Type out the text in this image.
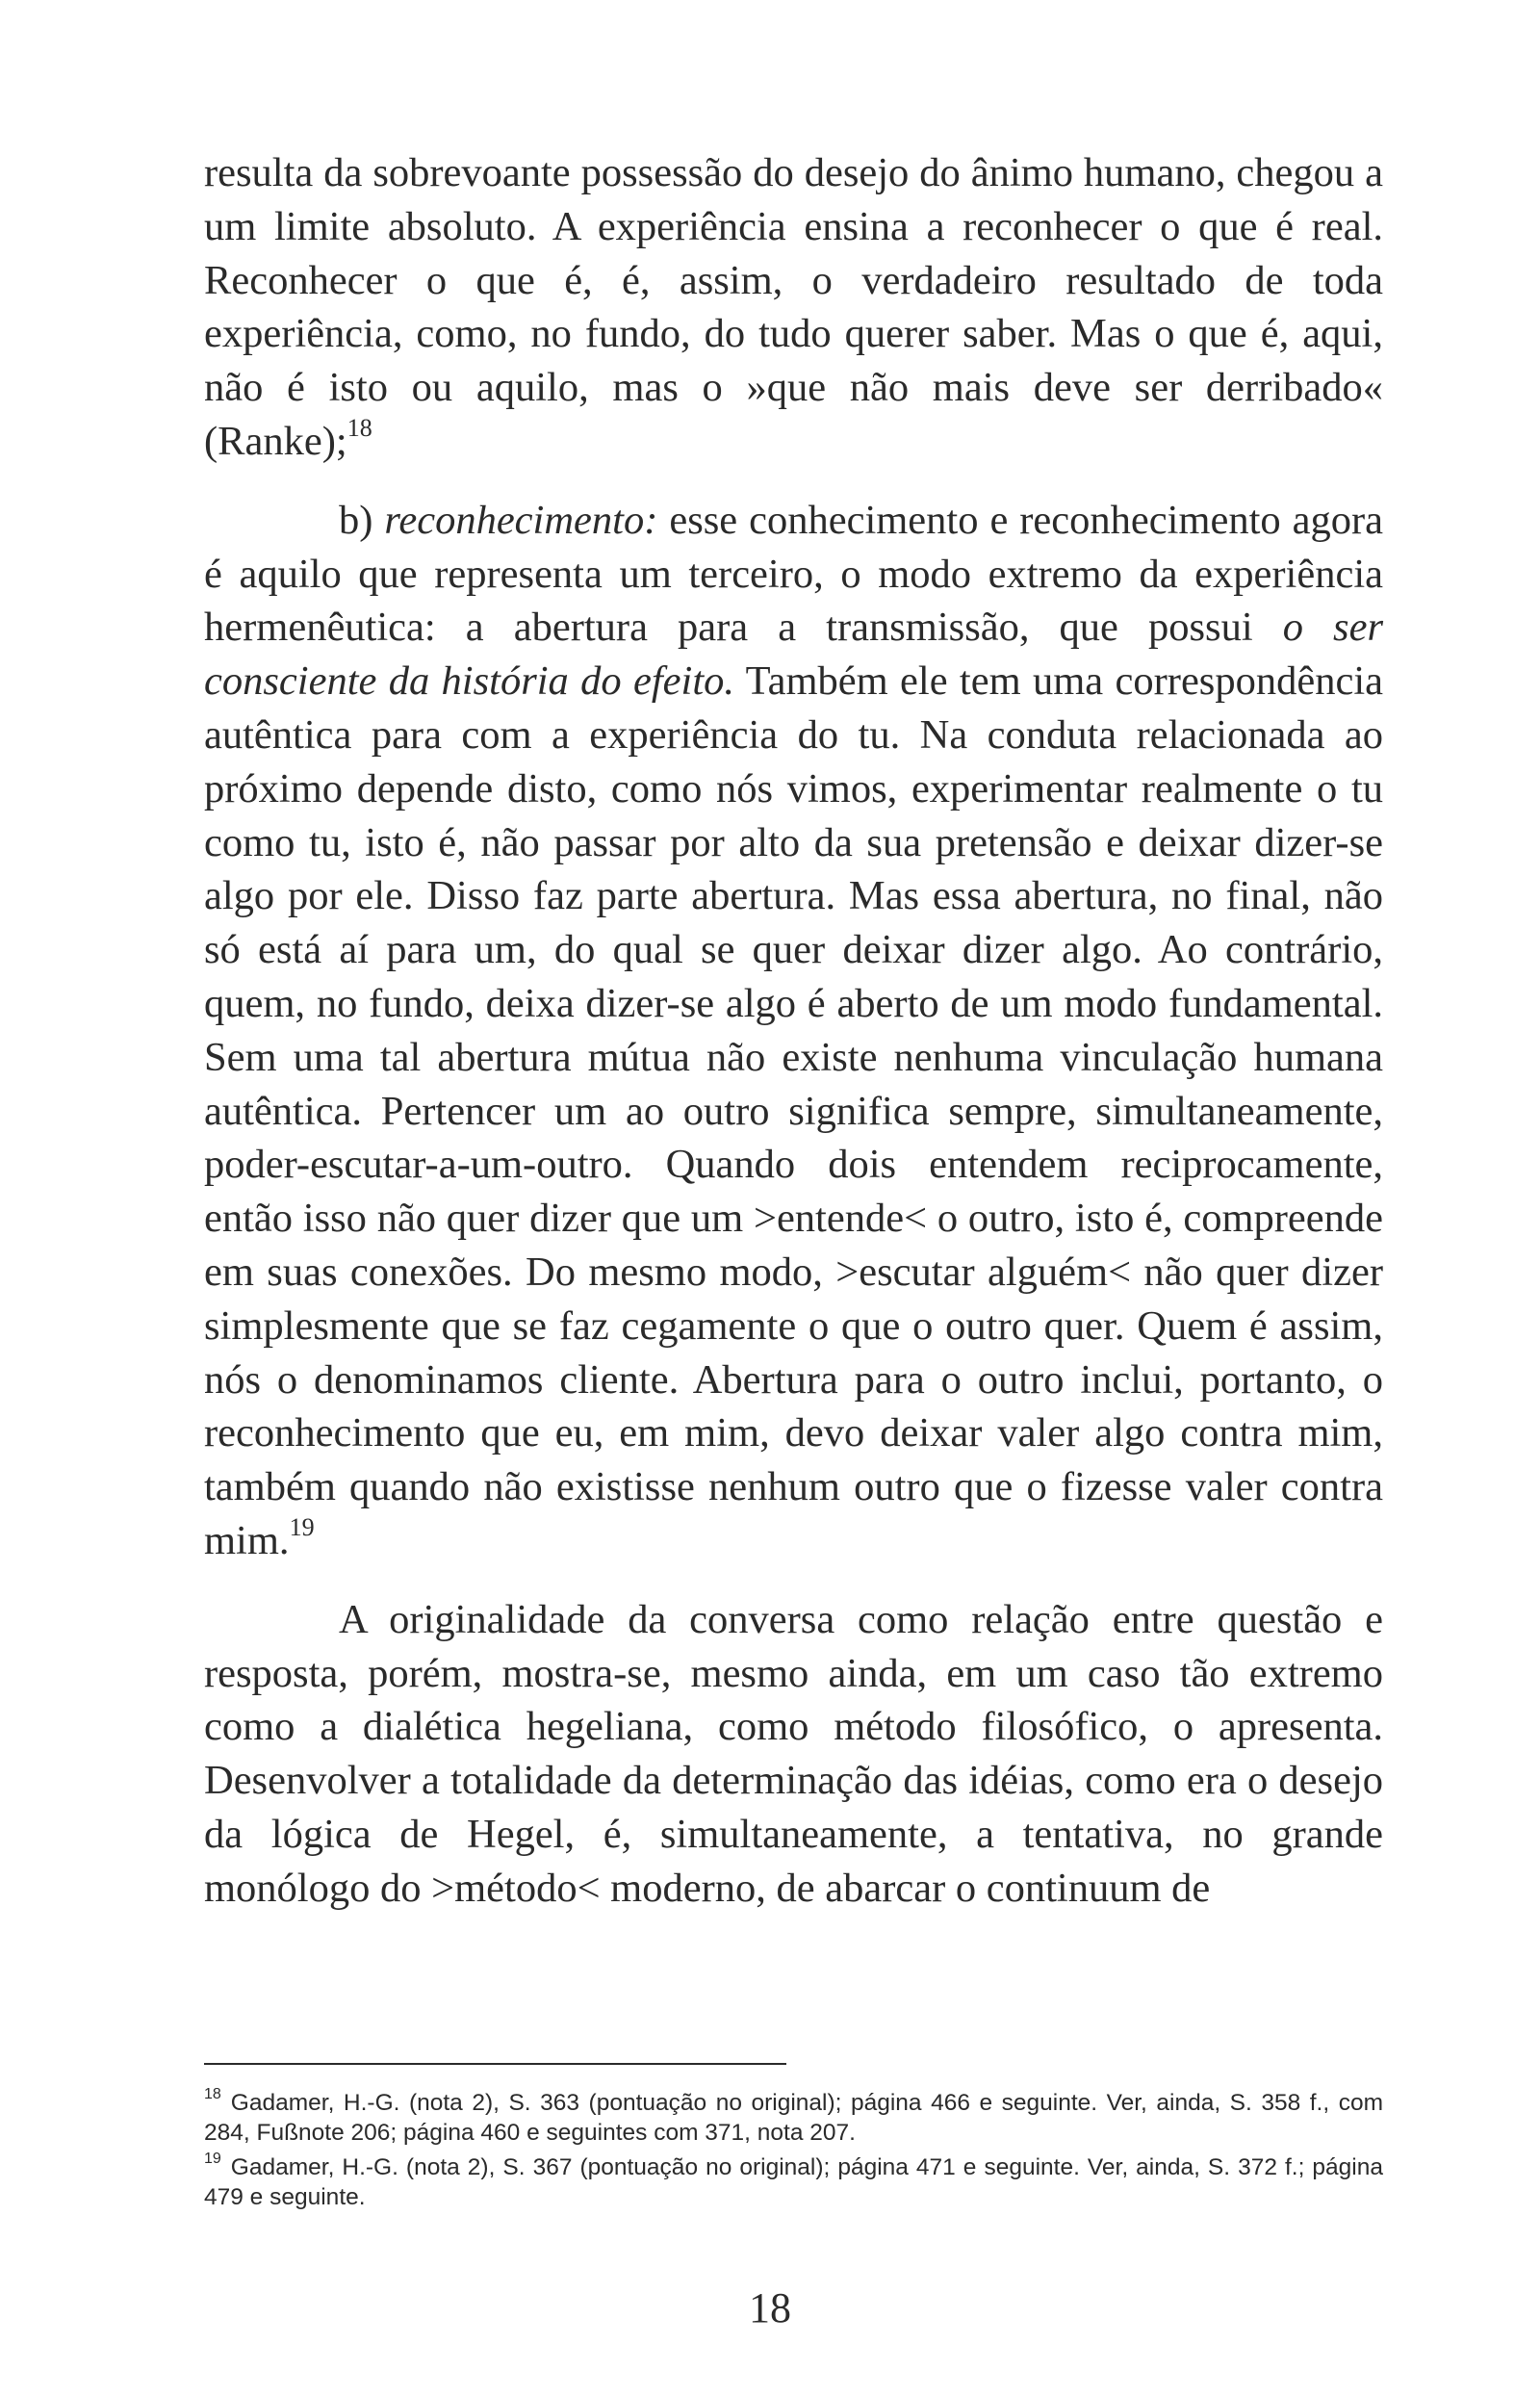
resulta da sobrevoante possessão do desejo do ânimo humano, chegou a um limite absoluto. A experiência ensina a reconhecer o que é real. Reconhecer o que é, é, assim, o verdadeiro resultado de toda experiência, como, no fundo, do tudo querer saber. Mas o que é, aqui, não é isto ou aquilo, mas o »que não mais deve ser derribado« (Ranke);$^{18}$

b) reconhecimento: esse conhecimento e reconhecimento agora é aquilo que representa um terceiro, o modo extremo da experiência hermenêutica: a abertura para a transmissão, que possui o ser consciente da história do efeito. Também ele tem uma correspondência autêntica para com a experiência do tu. Na conduta relacionada ao próximo depende disto, como nós vimos, experimentar realmente o tu como tu, isto é, não passar por alto da sua pretensão e deixar dizer-se algo por ele. Disso faz parte abertura. Mas essa abertura, no final, não só está aí para um, do qual se quer deixar dizer algo. Ao contrário, quem, no fundo, deixa dizer-se algo é aberto de um modo fundamental. Sem uma tal abertura mútua não existe nenhuma vinculação humana autêntica. Pertencer um ao outro significa sempre, simultaneamente, poder-escutar-a-um-outro. Quando dois entendem reciprocamente, então isso não quer dizer que um >entende< o outro, isto é, compreende em suas conexões. Do mesmo modo, >escutar alguém< não quer dizer simplesmente que se faz cegamente o que o outro quer. Quem é assim, nós o denominamos cliente. Abertura para o outro inclui, portanto, o reconhecimento que eu, em mim, devo deixar valer algo contra mim, também quando não existisse nenhum outro que o fizesse valer contra mim.$^{19}$

A originalidade da conversa como relação entre questão e resposta, porém, mostra-se, mesmo ainda, em um caso tão extremo como a dialética hegeliana, como método filosófico, o apresenta. Desenvolver a totalidade da determinação das idéias, como era o desejo da lógica de Hegel, é, simultaneamente, a tentativa, no grande monólogo do >método< moderno, de abarcar o continuum de

$^{18}$ Gadamer, H.-G. (nota 2), S. 363 (pontuação no original); página 466 e seguinte. Ver, ainda, S. 358 f., com 284, Fußnote 206; página 460 e seguintes com 371, nota 207.

$^{19}$ Gadamer, H.-G. (nota 2), S. 367 (pontuação no original); página 471 e seguinte. Ver, ainda, S. 372 f.; página 479 e seguinte.

18
